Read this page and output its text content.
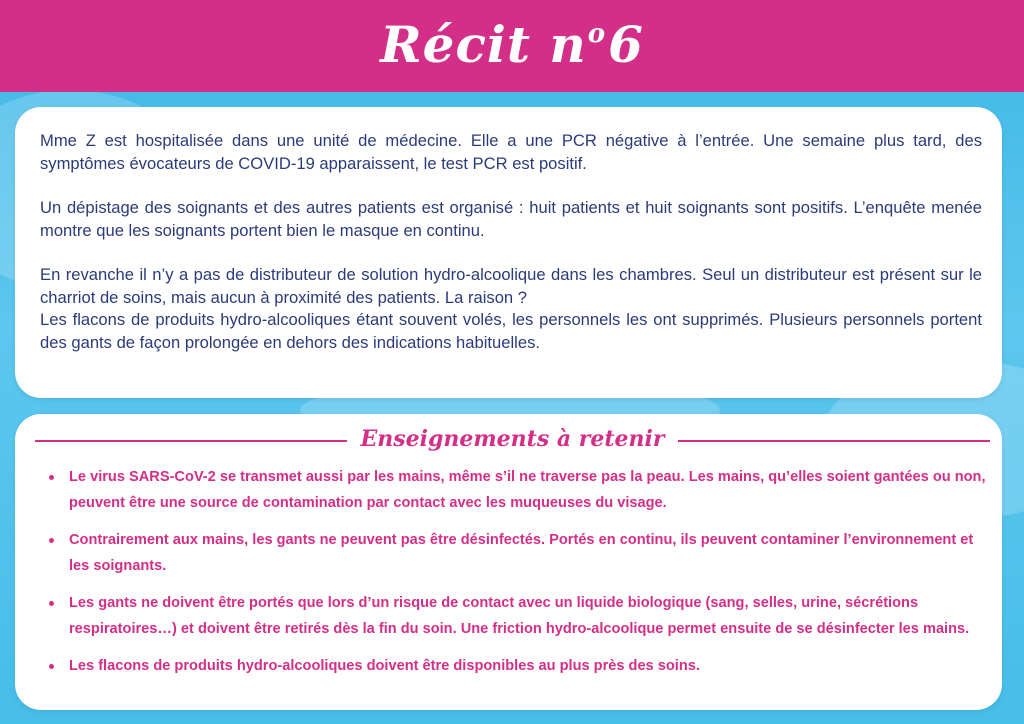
Récit $n^o6$

Mme Z est hospitalisée dans une unité de médecine. Elle a une PCR négative à l’entrée. Une semaine plus tard, des symptômes évocateurs de COVID-19 apparaissent, le test PCR est positif.

Un dépistage des soignants et des autres patients est organisé : huit patients et huit soignants sont positifs. L’enquête menée montre que les soignants portent bien le masque en continu.

En revanche il n’y a pas de distributeur de solution hydro-alcoolique dans les chambres. Seul un distributeur est présent sur le charriot de soins, mais aucun à proximité des patients. La raison ?

Les flacons de produits hydro-alcooliques étant souvent volés, les personnels les ont supprimés. Plusieurs personnels portent des gants de façon prolongée en dehors des indications habituelles.

Enseignements à retenir
Le virus SARS-CoV-2 se transmet aussi par les mains, même s’il ne traverse pas la peau. Les mains, qu’elles soient gantées ou non, peuvent être une source de contamination par contact avec les muqueuses du visage.
Contrairement aux mains, les gants ne peuvent pas être désinfectés. Portés en continu, ils peuvent contaminer l’environnement et les soignants.
Les gants ne doivent être portés que lors d’un risque de contact avec un liquide biologique (sang, selles, urine, sécrétions respiratoires…) et doivent être retirés dès la fin du soin. Une friction hydro-alcoolique permet ensuite de se désinfecter les mains.
Les flacons de produits hydro-alcooliques doivent être disponibles au plus près des soins.
